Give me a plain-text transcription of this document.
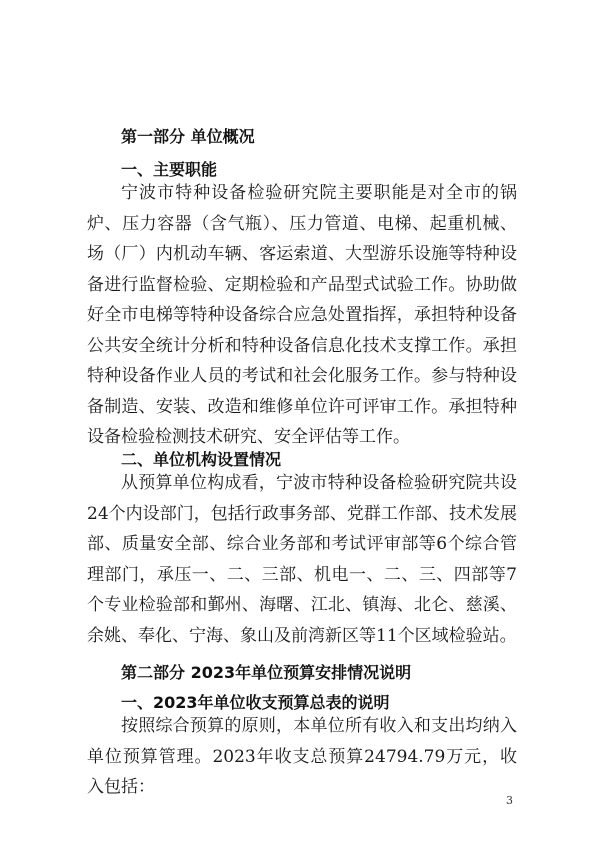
第一部分 单位概况
一、主要职能

宁波市特种设备检验研究院主要职能是对全市的锅炉、压力容器（含气瓶）、压力管道、电梯、起重机械、场（厂）内机动车辆、客运索道、大型游乐设施等特种设备进行监督检验、定期检验和产品型式试验工作。协助做好全市电梯等特种设备综合应急处置指挥，承担特种设备公共安全统计分析和特种设备信息化技术支撑工作。承担特种设备作业人员的考试和社会化服务工作。参与特种设备制造、安装、改造和维修单位许可评审工作。承担特种设备检验检测技术研究、安全评估等工作。

二、单位机构设置情况

从预算单位构成看，宁波市特种设备检验研究院共设24个内设部门，包括行政事务部、党群工作部、技术发展部、质量安全部、综合业务部和考试评审部等6个综合管理部门，承压一、二、三部、机电一、二、三、四部等7个专业检验部和鄞州、海曙、江北、镇海、北仑、慈溪、余姚、奉化、宁海、象山及前湾新区等11个区域检验站。

第二部分 2023年单位预算安排情况说明
一、2023年单位收支预算总表的说明

按照综合预算的原则，本单位所有收入和支出均纳入单位预算管理。2023年收支总预算24794.79万元，收入包括：

3
